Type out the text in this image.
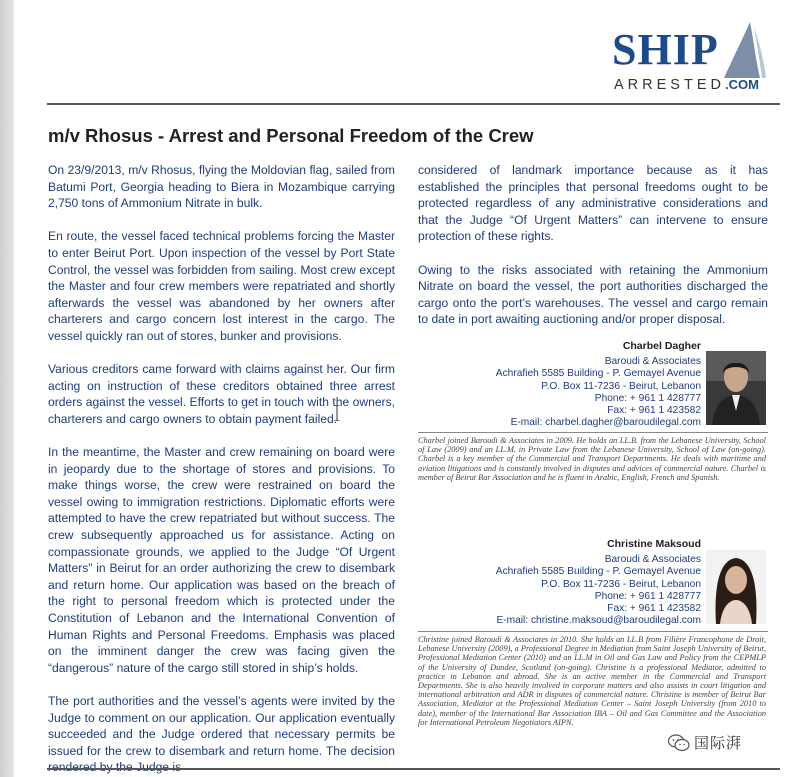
SHIP
ARRESTED.COM
m/v Rhosus - Arrest and Personal Freedom of the Crew

On 23/9/2013, m/v Rhosus, flying the Moldovian flag, sailed from Batumi Port, Georgia heading to Biera in Mozambique carrying 2,750 tons of Ammonium Nitrate in bulk.

En route, the vessel faced technical problems forcing the Master to enter Beirut Port. Upon inspection of the vessel by Port State Control, the vessel was forbidden from sailing. Most crew except the Master and four crew members were repatriated and shortly afterwards the vessel was abandoned by her owners after charterers and cargo concern lost interest in the cargo. The vessel quickly ran out of stores, bunker and provisions.

Various creditors came forward with claims against her. Our firm acting on instruction of these creditors obtained three arrest orders against the vessel. Efforts to get in touch with the owners, charterers and cargo owners to obtain payment failed.

In the meantime, the Master and crew remaining on board were in jeopardy due to the shortage of stores and provisions. To make things worse, the crew were restrained on board the vessel owing to immigration restrictions. Diplomatic efforts were attempted to have the crew repatriated but without success. The crew subsequently approached us for assistance. Acting on compassionate grounds, we applied to the Judge “Of Urgent Matters” in Beirut for an order authorizing the crew to disembark and return home. Our application was based on the breach of the right to personal freedom which is protected under the Constitution of Lebanon and the International Convention of Human Rights and Personal Freedoms. Emphasis was placed on the imminent danger the crew was facing given the “dangerous” nature of the cargo still stored in ship’s holds.

The port authorities and the vessel’s agents were invited by the Judge to comment on our application. Our application eventually succeeded and the Judge ordered that necessary permits be issued for the crew to disembark and return home. The decision

considered of landmark importance because as it has established the principles that personal freedoms ought to be protected regardless of any administrative considerations and that the Judge “Of Urgent Matters” can intervene to ensure protection of these rights.

Owing to the risks associated with retaining the Ammonium Nitrate on board the vessel, the port authorities discharged the cargo onto the port’s warehouses. The vessel and cargo remain to date in port awaiting auctioning and/or proper disposal.

Charbel Dagher
Baroudi & Associates
Achrafieh 5585 Building - P. Gemayel Avenue
P.O. Box 11-7236 - Beirut, Lebanon
Phone: + 961 1 428777
Fax: + 961 1 423582
E-mail: charbel.dagher@baroudilegal.com
Charbel joined Baroudi & Associates in 2009. He holds an LL.B. from the Lebanese University, School of Law (2009) and an LL.M. in Private Law from the Lebanese University, School of Law (on-going). Charbel is a key member of the Commercial and Transport Departments. He deals with maritime and aviation litigations and is constantly involved in disputes and advices of commercial nature. Charbel is member of Beirut Bar Association and he is fluent in Arabic, English, French and Spanish.
Christine Maksoud
Baroudi & Associates
Achrafieh 5585 Building - P. Gemayel Avenue
P.O. Box 11-7236 - Beirut, Lebanon
Phone: + 961 1 428777
Fax: + 961 1 423582
E-mail: christine.maksoud@baroudilegal.com
Christine joined Baroudi & Associates in 2010. She holds an LL.B from Filière Francophone de Droit, Lebanese University (2009), a Professional Degree in Mediation from Saint Joseph University of Beirut, Professional Mediation Center (2010) and an LL.M in Oil and Gas Law and Policy from the CEPMLP of the University of Dundee, Scotland (on-going). Christine is a professional Mediator, admitted to practice in Lebanon and abroad. She is an active member in the Commercial and Transport Departments. She is also heavily involved in corporate matters and also assists in court litigation and international arbitration and ADR in disputes of commercial nature. Christine is member of Beirut Bar Association, Mediator at the Professional Mediation Center – Saint Joseph University (from 2010 to date), member of the International Bar Association IBA – Oil and Gas Committee and the Association for International Petroleum Negotiators AIPN.
国际湃
